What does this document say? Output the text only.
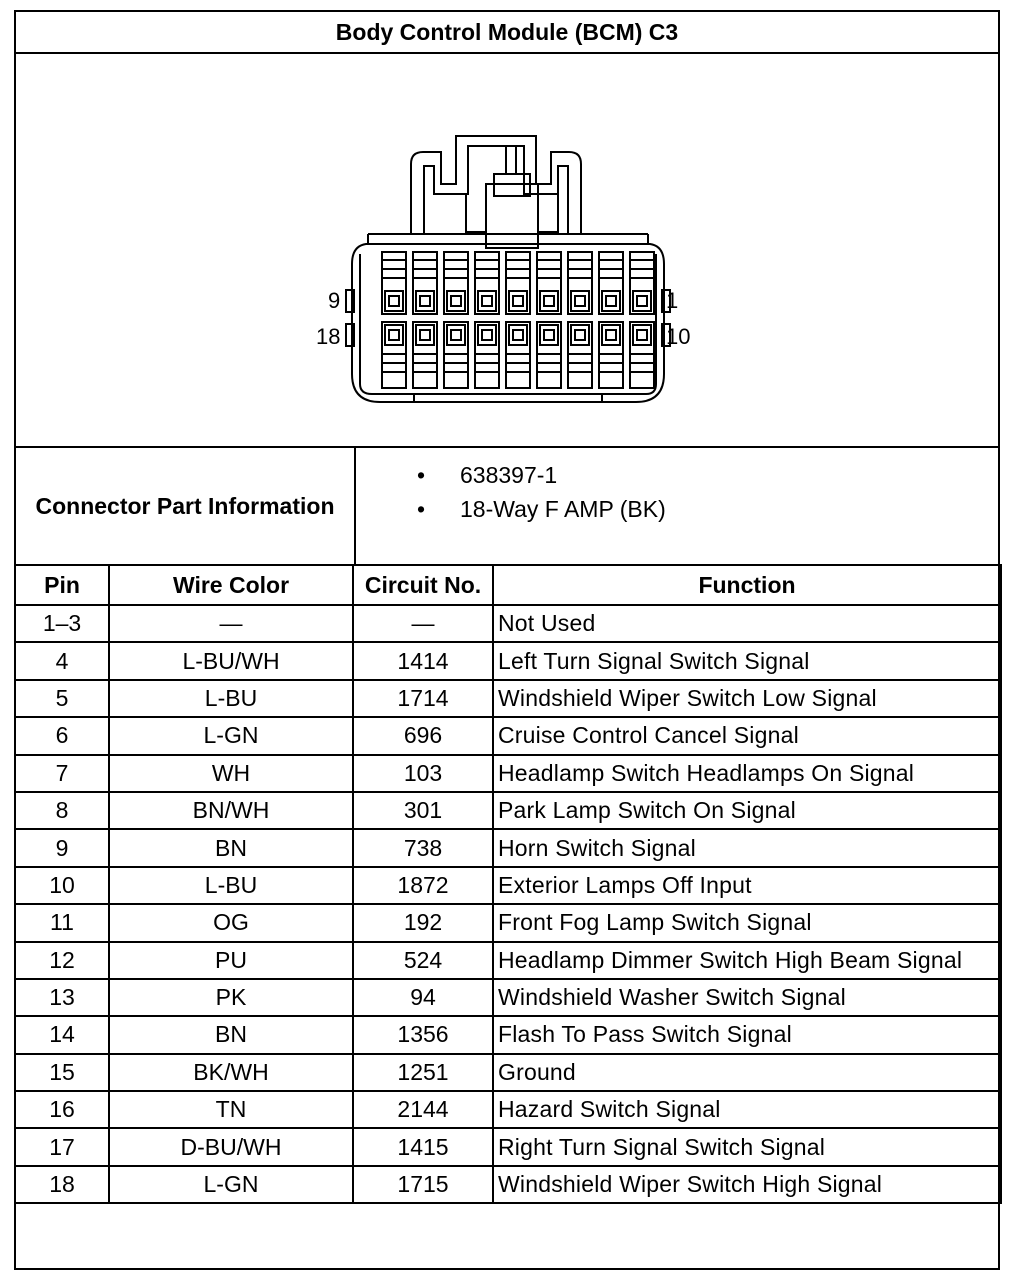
Body Control Module (BCM) C3
9
18
1
10
Connector Part Information
• 638397-1
• 18-Way F AMP (BK)
Pin	Wire Color	Circuit No.	Function
1–3	—	—	Not Used
4	L-BU/WH	1414	Left Turn Signal Switch Signal
5	L-BU	1714	Windshield Wiper Switch Low Signal
6	L-GN	696	Cruise Control Cancel Signal
7	WH	103	Headlamp Switch Headlamps On Signal
8	BN/WH	301	Park Lamp Switch On Signal
9	BN	738	Horn Switch Signal
10	L-BU	1872	Exterior Lamps Off Input
11	OG	192	Front Fog Lamp Switch Signal
12	PU	524	Headlamp Dimmer Switch High Beam Signal
13	PK	94	Windshield Washer Switch Signal
14	BN	1356	Flash To Pass Switch Signal
15	BK/WH	1251	Ground
16	TN	2144	Hazard Switch Signal
17	D-BU/WH	1415	Right Turn Signal Switch Signal
18	L-GN	1715	Windshield Wiper Switch High Signal
